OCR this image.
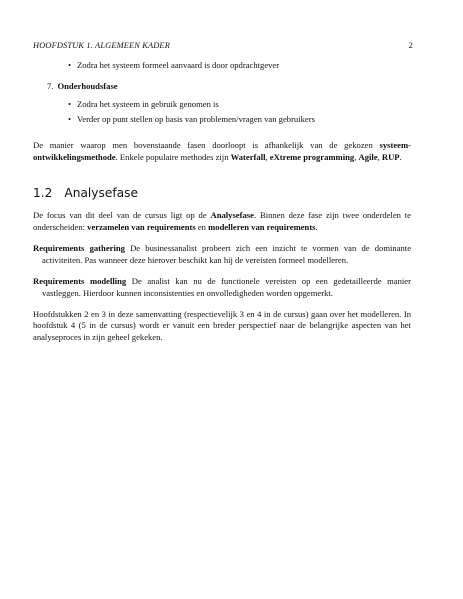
HOOFDSTUK 1. ALGEMEEN KADER	2
• Zodra het systeem formeel aanvaard is door opdrachtgever
7. Onderhoudsfase
• Zodra het systeem in gebruik genomen is
• Verder op punt stellen op basis van problemen/vragen van gebruikers

De manier waarop men bovenstaande fasen doorloopt is afhankelijk van de gekozen systeem-ontwikkelingsmethode. Enkele populaire methodes zijn Waterfall, eXtreme programming, Agile, RUP.

1.2 Analysefase

De focus van dit deel van de cursus ligt op de Analysefase. Binnen deze fase zijn twee onderdelen te onderscheiden: verzamelen van requirements en modelleren van requirements.

Requirements gathering De businessanalist probeert zich een inzicht te vormen van de dominante activiteiten. Pas wanneer deze hierover beschikt kan hij de vereisten formeel modelleren.

Requirements modelling De analist kan nu de functionele vereisten op een gedetailleerde manier vastleggen. Hierdoor kunnen inconsistenties en onvolledigheden worden opgemerkt.

Hoofdstukken 2 en 3 in deze samenvatting (respectievelijk 3 en 4 in de cursus) gaan over het modelleren. In hoofdstuk 4 (5 in de cursus) wordt er vanuit een breder perspectief naar de belangrijke aspecten van het analyseproces in zijn geheel gekeken.
